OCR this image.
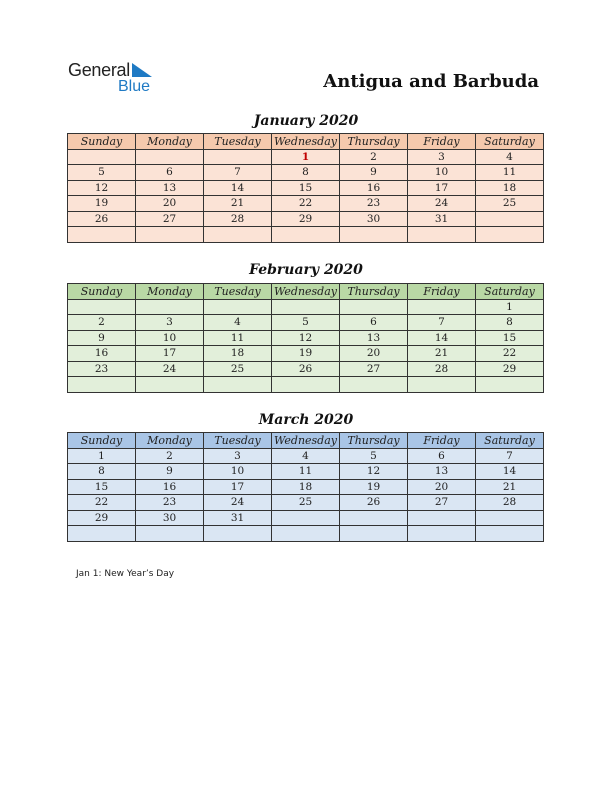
General
Blue	Antigua and Barbuda
January 2020
Sunday	Monday	Tuesday	Wednesday	Thursday	Friday	Saturday
			1	2	3	4
5	6	7	8	9	10	11
12	13	14	15	16	17	18
19	20	21	22	23	24	25
26	27	28	29	30	31	

February 2020
Sunday	Monday	Tuesday	Wednesday	Thursday	Friday	Saturday
						1
2	3	4	5	6	7	8
9	10	11	12	13	14	15
16	17	18	19	20	21	22
23	24	25	26	27	28	29

March 2020
Sunday	Monday	Tuesday	Wednesday	Thursday	Friday	Saturday
1	2	3	4	5	6	7
8	9	10	11	12	13	14
15	16	17	18	19	20	21
22	23	24	25	26	27	28
29	30	31				

Jan 1: New Year’s Day
